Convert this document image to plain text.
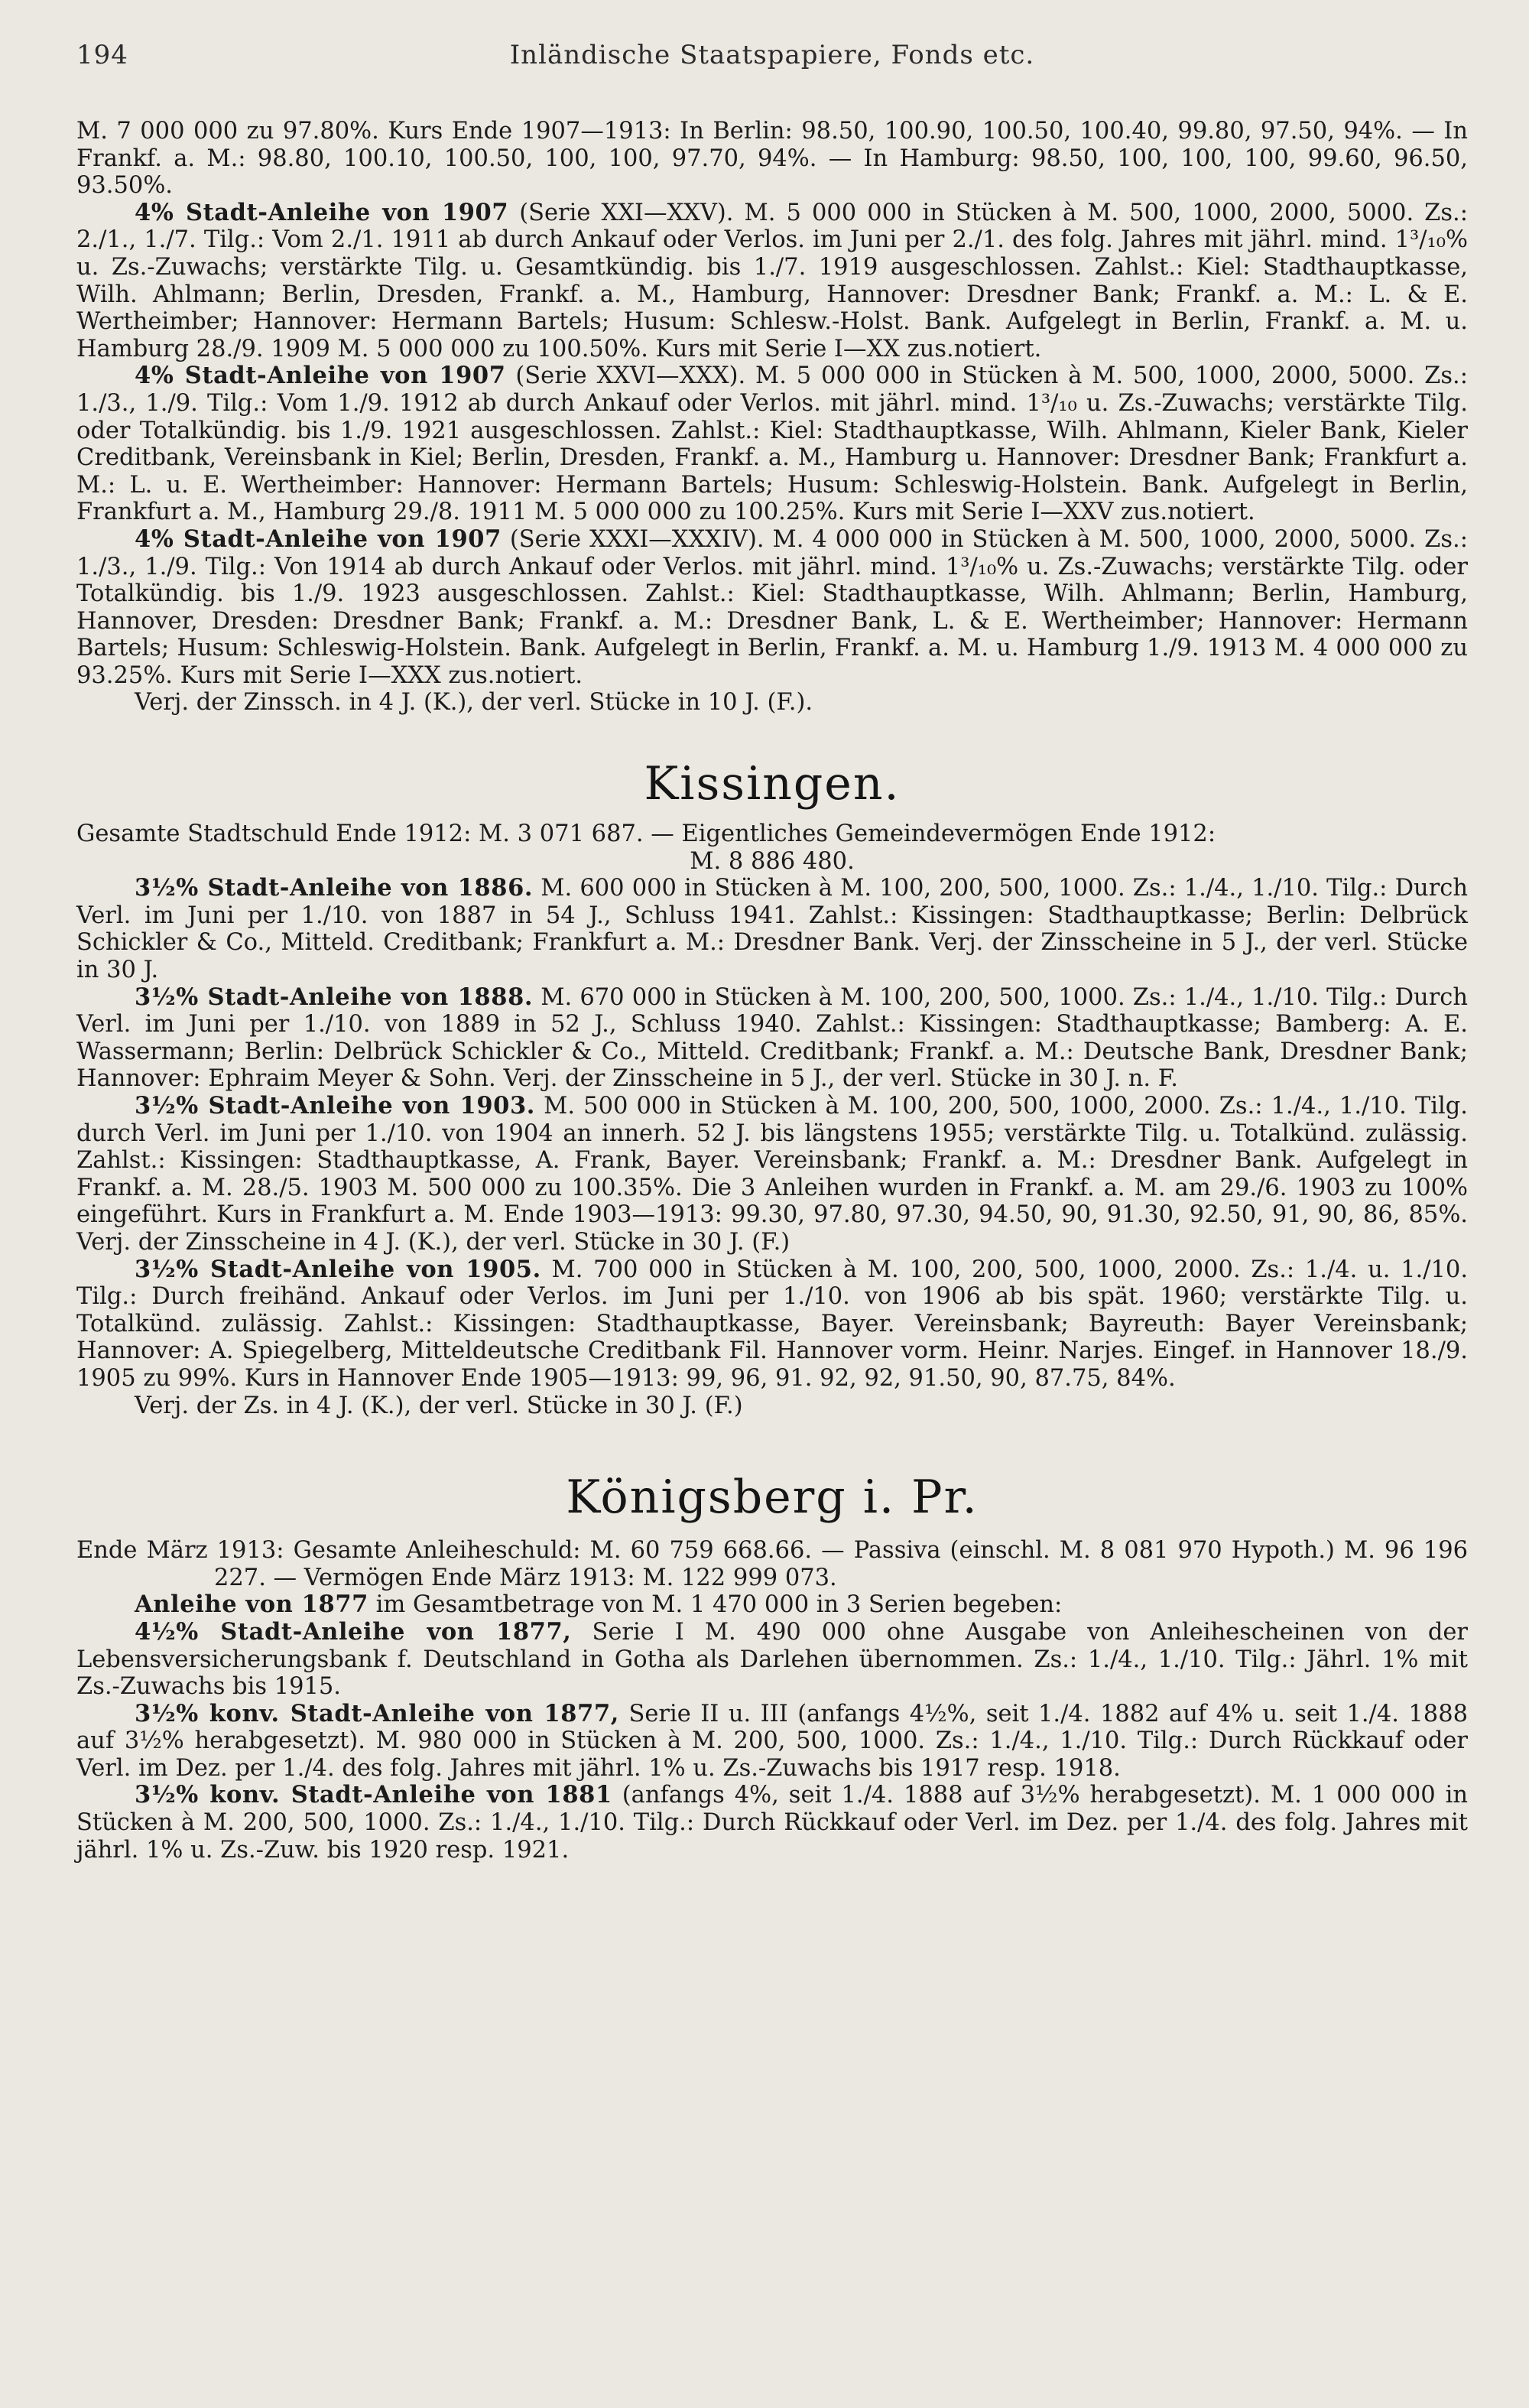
194	Inländische Staatspapiere, Fonds etc.

M. 7 000 000 zu 97.80%. Kurs Ende 1907—1913: In Berlin: 98.50, 100.90, 100.50, 100.40, 99.80, 97.50, 94%. — In Frankf. a. M.: 98.80, 100.10, 100.50, 100, 100, 97.70, 94%. — In Hamburg: 98.50, 100, 100, 100, 99.60, 96.50, 93.50%.

4% Stadt-Anleihe von 1907 (Serie XXI—XXV). M. 5 000 000 in Stücken à M. 500, 1000, 2000, 5000. Zs.: 2./1., 1./7. Tilg.: Vom 2./1. 1911 ab durch Ankauf oder Verlos. im Juni per 2./1. des folg. Jahres mit jährl. mind. 1³/₁₀% u. Zs.-Zuwachs; verstärkte Tilg. u. Gesamtkündig. bis 1./7. 1919 ausgeschlossen. Zahlst.: Kiel: Stadthauptkasse, Wilh. Ahlmann; Berlin, Dresden, Frankf. a. M., Hamburg, Hannover: Dresdner Bank; Frankf. a. M.: L. & E. Wertheimber; Hannover: Hermann Bartels; Husum: Schlesw.-Holst. Bank. Aufgelegt in Berlin, Frankf. a. M. u. Hamburg 28./9. 1909 M. 5 000 000 zu 100.50%. Kurs mit Serie I—XX zus.notiert.

4% Stadt-Anleihe von 1907 (Serie XXVI—XXX). M. 5 000 000 in Stücken à M. 500, 1000, 2000, 5000. Zs.: 1./3., 1./9. Tilg.: Vom 1./9. 1912 ab durch Ankauf oder Verlos. mit jährl. mind. 1³/₁₀ u. Zs.-Zuwachs; verstärkte Tilg. oder Totalkündig. bis 1./9. 1921 ausgeschlossen. Zahlst.: Kiel: Stadthauptkasse, Wilh. Ahlmann, Kieler Bank, Kieler Creditbank, Vereinsbank in Kiel; Berlin, Dresden, Frankf. a. M., Hamburg u. Hannover: Dresdner Bank; Frankfurt a. M.: L. u. E. Wertheimber: Hannover: Hermann Bartels; Husum: Schleswig-Holstein. Bank. Aufgelegt in Berlin, Frankfurt a. M., Hamburg 29./8. 1911 M. 5 000 000 zu 100.25%. Kurs mit Serie I—XXV zus.notiert.

4% Stadt-Anleihe von 1907 (Serie XXXI—XXXIV). M. 4 000 000 in Stücken à M. 500, 1000, 2000, 5000. Zs.: 1./3., 1./9. Tilg.: Von 1914 ab durch Ankauf oder Verlos. mit jährl. mind. 1³/₁₀% u. Zs.-Zuwachs; verstärkte Tilg. oder Totalkündig. bis 1./9. 1923 ausgeschlossen. Zahlst.: Kiel: Stadthauptkasse, Wilh. Ahlmann; Berlin, Hamburg, Hannover, Dresden: Dresdner Bank; Frankf. a. M.: Dresdner Bank, L. & E. Wertheimber; Hannover: Hermann Bartels; Husum: Schleswig-Holstein. Bank. Aufgelegt in Berlin, Frankf. a. M. u. Hamburg 1./9. 1913 M. 4 000 000 zu 93.25%. Kurs mit Serie I—XXX zus.notiert.

Verj. der Zinssch. in 4 J. (K.), der verl. Stücke in 10 J. (F.).

Kissingen.

Gesamte Stadtschuld Ende 1912: M. 3 071 687. — Eigentliches Gemeindevermögen Ende 1912:

M. 8 886 480.

3½% Stadt-Anleihe von 1886. M. 600 000 in Stücken à M. 100, 200, 500, 1000. Zs.: 1./4., 1./10. Tilg.: Durch Verl. im Juni per 1./10. von 1887 in 54 J., Schluss 1941. Zahlst.: Kissingen: Stadthauptkasse; Berlin: Delbrück Schickler & Co., Mitteld. Creditbank; Frankfurt a. M.: Dresdner Bank. Verj. der Zinsscheine in 5 J., der verl. Stücke in 30 J.

3½% Stadt-Anleihe von 1888. M. 670 000 in Stücken à M. 100, 200, 500, 1000. Zs.: 1./4., 1./10. Tilg.: Durch Verl. im Juni per 1./10. von 1889 in 52 J., Schluss 1940. Zahlst.: Kissingen: Stadthauptkasse; Bamberg: A. E. Wassermann; Berlin: Delbrück Schickler & Co., Mitteld. Creditbank; Frankf. a. M.: Deutsche Bank, Dresdner Bank; Hannover: Ephraim Meyer & Sohn. Verj. der Zinsscheine in 5 J., der verl. Stücke in 30 J. n. F.

3½% Stadt-Anleihe von 1903. M. 500 000 in Stücken à M. 100, 200, 500, 1000, 2000. Zs.: 1./4., 1./10. Tilg. durch Verl. im Juni per 1./10. von 1904 an innerh. 52 J. bis längstens 1955; verstärkte Tilg. u. Totalkünd. zulässig. Zahlst.: Kissingen: Stadthauptkasse, A. Frank, Bayer. Vereinsbank; Frankf. a. M.: Dresdner Bank. Aufgelegt in Frankf. a. M. 28./5. 1903 M. 500 000 zu 100.35%. Die 3 Anleihen wurden in Frankf. a. M. am 29./6. 1903 zu 100% eingeführt. Kurs in Frankfurt a. M. Ende 1903—1913: 99.30, 97.80, 97.30, 94.50, 90, 91.30, 92.50, 91, 90, 86, 85%. Verj. der Zinsscheine in 4 J. (K.), der verl. Stücke in 30 J. (F.)

3½% Stadt-Anleihe von 1905. M. 700 000 in Stücken à M. 100, 200, 500, 1000, 2000. Zs.: 1./4. u. 1./10. Tilg.: Durch freihänd. Ankauf oder Verlos. im Juni per 1./10. von 1906 ab bis spät. 1960; verstärkte Tilg. u. Totalkünd. zulässig. Zahlst.: Kissingen: Stadthauptkasse, Bayer. Vereinsbank; Bayreuth: Bayer Vereinsbank; Hannover: A. Spiegelberg, Mitteldeutsche Creditbank Fil. Hannover vorm. Heinr. Narjes. Eingef. in Hannover 18./9. 1905 zu 99%. Kurs in Hannover Ende 1905—1913: 99, 96, 91. 92, 92, 91.50, 90, 87.75, 84%.

Verj. der Zs. in 4 J. (K.), der verl. Stücke in 30 J. (F.)

Königsberg i. Pr.

Ende März 1913: Gesamte Anleiheschuld: M. 60 759 668.66. — Passiva (einschl. M. 8 081 970 Hypoth.) M. 96 196 227. — Vermögen Ende März 1913: M. 122 999 073.

Anleihe von 1877 im Gesamtbetrage von M. 1 470 000 in 3 Serien begeben:

4½% Stadt-Anleihe von 1877, Serie I M. 490 000 ohne Ausgabe von Anleihescheinen von der Lebensversicherungsbank f. Deutschland in Gotha als Darlehen übernommen. Zs.: 1./4., 1./10. Tilg.: Jährl. 1% mit Zs.-Zuwachs bis 1915.

3½% konv. Stadt-Anleihe von 1877, Serie II u. III (anfangs 4½%, seit 1./4. 1882 auf 4% u. seit 1./4. 1888 auf 3½% herabgesetzt). M. 980 000 in Stücken à M. 200, 500, 1000. Zs.: 1./4., 1./10. Tilg.: Durch Rückkauf oder Verl. im Dez. per 1./4. des folg. Jahres mit jährl. 1% u. Zs.-Zuwachs bis 1917 resp. 1918.

3½% konv. Stadt-Anleihe von 1881 (anfangs 4%, seit 1./4. 1888 auf 3½% herabgesetzt). M. 1 000 000 in Stücken à M. 200, 500, 1000. Zs.: 1./4., 1./10. Tilg.: Durch Rückkauf oder Verl. im Dez. per 1./4. des folg. Jahres mit jährl. 1% u. Zs.-Zuw. bis 1920 resp. 1921.
